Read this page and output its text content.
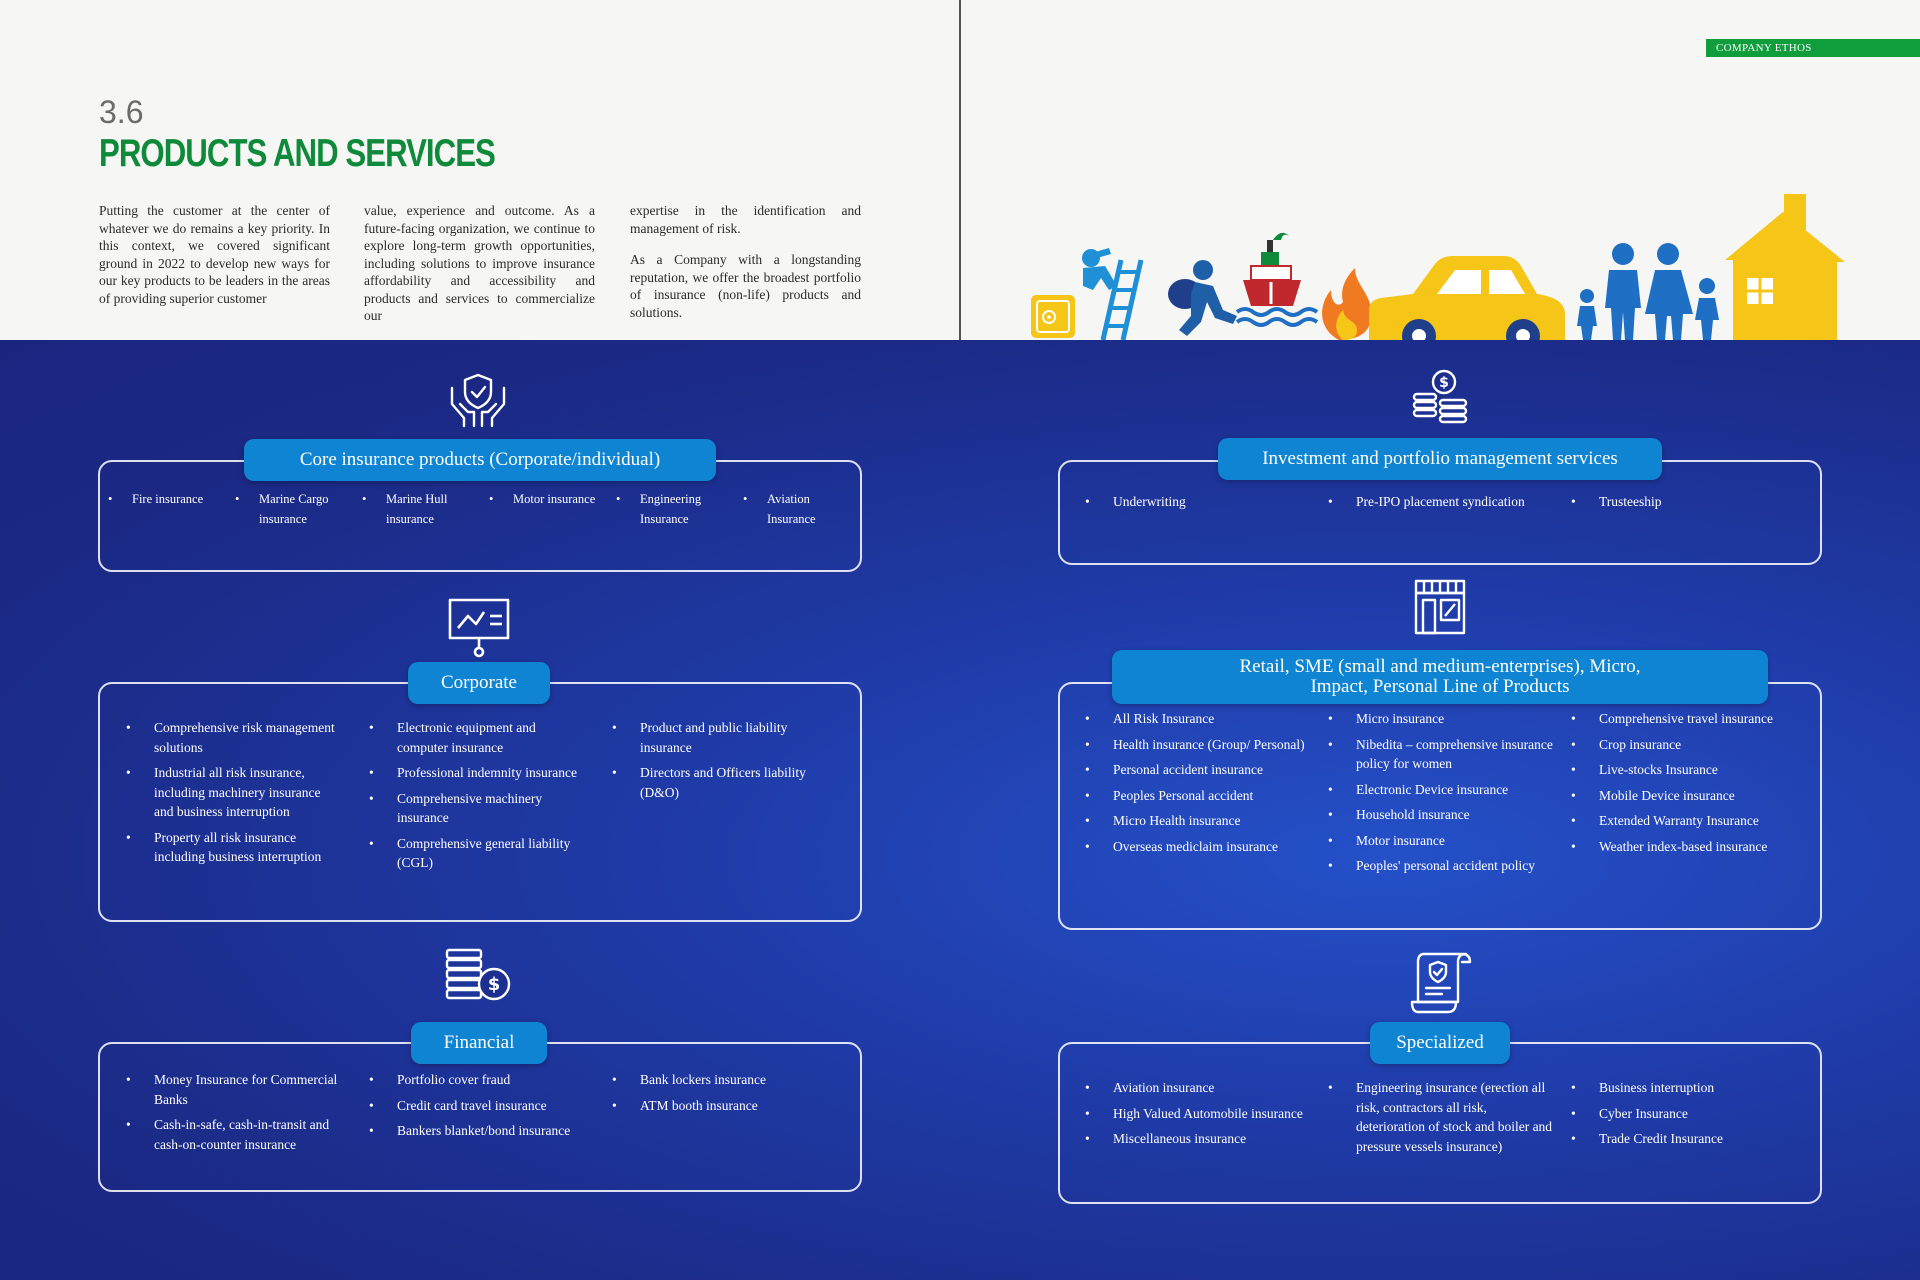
COMPANY ETHOS
3.6
PRODUCTS AND SERVICES

Putting the customer at the center of whatever we do remains a key priority. In this context, we covered significant ground in 2022 to develop new ways for our key products to be leaders in the areas of providing superior customer

value, experience and outcome. As a future-facing organization, we continue to explore long-term growth opportunities, including solutions to improve insurance affordability and accessibility and products and services to commercialize our

expertise in the identification and management of risk.

As a Company with a longstanding reputation, we offer the broadest portfolio of insurance (non-life) products and solutions.

$
$
Core insurance products (Corporate/individual)
• Fire insurance	• Marine Cargo insurance
• Marine Hull insurance
• Motor insurance	• Engineering Insurance
• Aviation Insurance
Investment and portfolio management services
• Underwriting	• Pre-IPO placement syndication	• Trusteeship
Corporate
• Comprehensive risk management solutions
• Industrial all risk insurance, including machinery insurance and business interruption
• Property all risk insurance including business interruption
• Electronic equipment and computer insurance
• Professional indemnity insurance
• Comprehensive machinery insurance
• Comprehensive general liability (CGL)
• Product and public liability insurance
• Directors and Officers liability (D&O)
Retail, SME (small and medium-enterprises), Micro,
Impact, Personal Line of Products
• All Risk Insurance
• Health insurance (Group/ Personal)
• Personal accident insurance
• Peoples Personal accident
• Micro Health insurance
• Overseas mediclaim insurance
• Micro insurance
• Nibedita – comprehensive insurance policy for women
• Electronic Device insurance
• Household insurance
• Motor insurance
• Peoples' personal accident policy
• Comprehensive travel insurance
• Crop insurance
• Live-stocks Insurance
• Mobile Device insurance
• Extended Warranty Insurance
• Weather index-based insurance
Financial
• Money Insurance for Commercial Banks
• Cash-in-safe, cash-in-transit and cash-on-counter insurance
• Portfolio cover fraud
• Credit card travel insurance
• Bankers blanket/bond insurance
• Bank lockers insurance
• ATM booth insurance
Specialized
• Aviation insurance
• High Valued Automobile insurance
• Miscellaneous insurance
• Engineering insurance (erection all risk, contractors all risk, deterioration of stock and boiler and pressure vessels insurance)
• Business interruption
• Cyber Insurance
• Trade Credit Insurance
